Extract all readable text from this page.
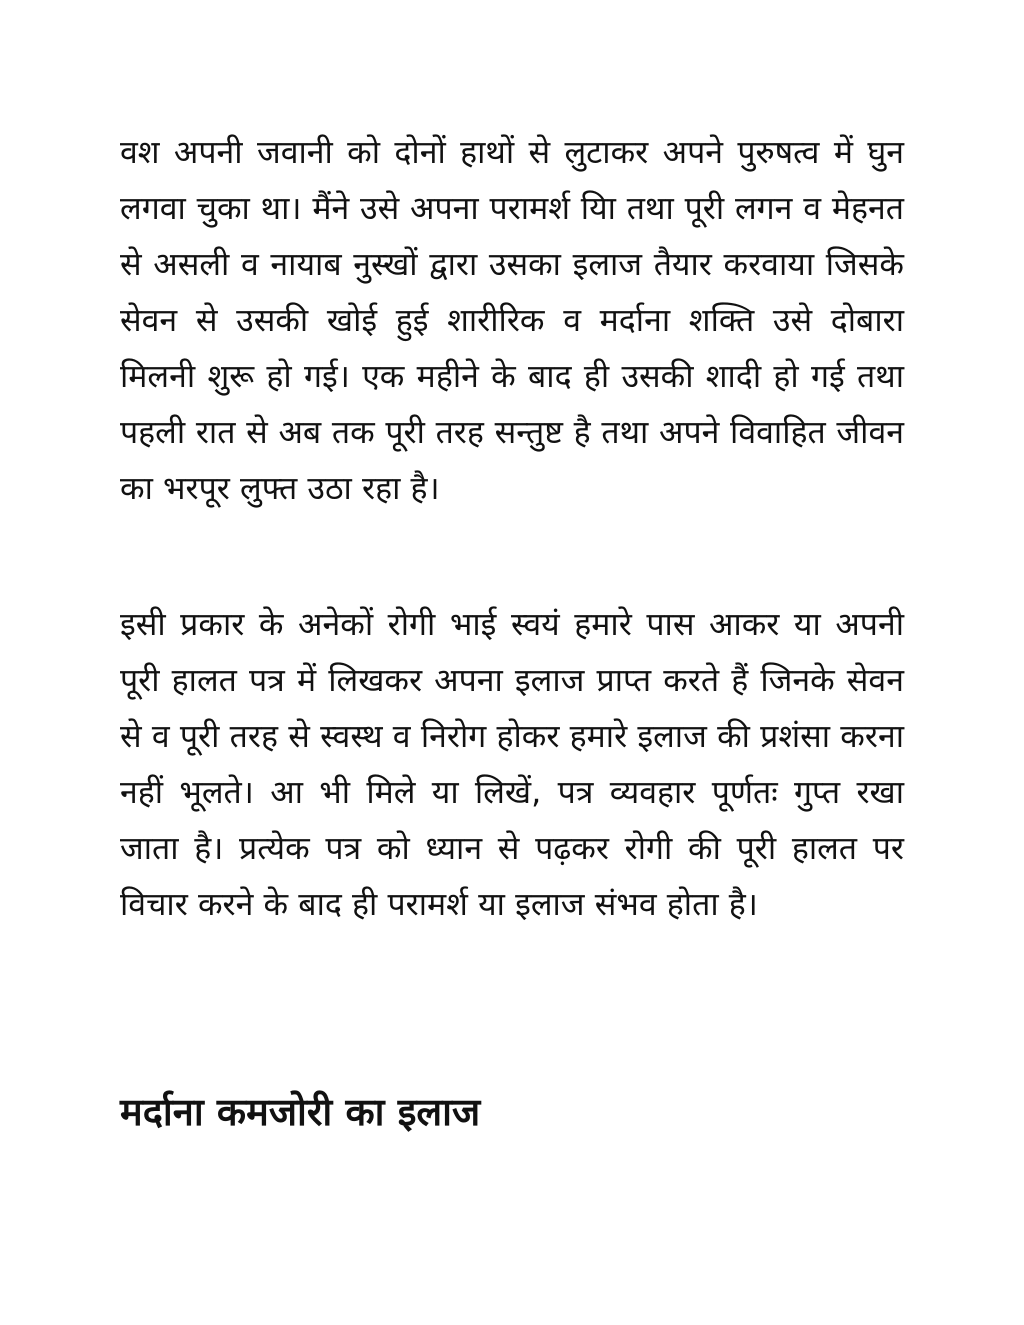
वश अपनी जवानी को दोनों हाथों से लुटाकर अपने पुरुषत्व में घुन लगवा चुका था। मैंने उसे अपना परामर्श यिा तथा पूरी लगन व मेहनत से असली व नायाब नुस्खों द्वारा उसका इलाज तैयार करवाया जिसके सेवन से उसकी खोई हुई शारीरिक व मर्दाना शक्ति उसे दोबारा मिलनी शुरू हो गई। एक महीने के बाद ही उसकी शादी हो गई तथा पहली रात से अब तक पूरी तरह सन्तुष्ट है तथा अपने विवाहित जीवन का भरपूर लुफ्त उठा रहा है।

इसी प्रकार के अनेकों रोगी भाई स्वयं हमारे पास आकर या अपनी पूरी हालत पत्र में लिखकर अपना इलाज प्राप्त करते हैं जिनके सेवन से व पूरी तरह से स्वस्थ व निरोग होकर हमारे इलाज की प्रशंसा करना नहीं भूलते। आ भी मिले या लिखें, पत्र व्यवहार पूर्णतः गुप्त रखा जाता है। प्रत्येक पत्र को ध्यान से पढ़कर रोगी की पूरी हालत पर विचार करने के बाद ही परामर्श या इलाज संभव होता है।

मर्दाना कमजोरी का इलाज
